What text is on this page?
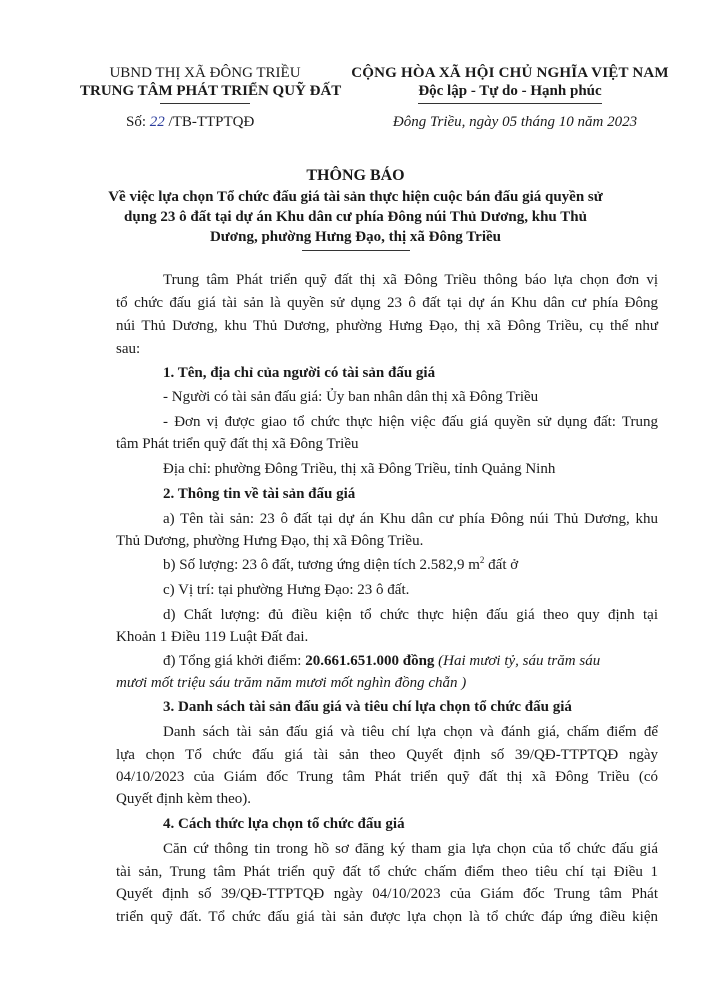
UBND THỊ XÃ ĐÔNG TRIỀU
TRUNG TÂM PHÁT TRIỂN QUỸ ĐẤT
Số: 22 /TB-TTPTQĐ
CỘNG HÒA XÃ HỘI CHỦ NGHĨA VIỆT NAM
Độc lập - Tự do - Hạnh phúc
Đông Triều, ngày 05 tháng 10 năm 2023
THÔNG BÁO
Về việc lựa chọn Tổ chức đấu giá tài sản thực hiện cuộc bán đấu giá quyền sử
dụng 23 ô đất tại dự án Khu dân cư phía Đông núi Thủ Dương, khu Thủ
Dương, phường Hưng Đạo, thị xã Đông Triều
Trung tâm Phát triển quỹ đất thị xã Đông Triều thông báo lựa chọn đơn vị
tổ chức đấu giá tài sản là quyền sử dụng 23 ô đất tại dự án Khu dân cư phía Đông
núi Thủ Dương, khu Thủ Dương, phường Hưng Đạo, thị xã Đông Triều, cụ thể như
sau:
1. Tên, địa chỉ của người có tài sản đấu giá
- Người có tài sản đấu giá: Ủy ban nhân dân thị xã Đông Triều
- Đơn vị được giao tổ chức thực hiện việc đấu giá quyền sử dụng đất: Trung
tâm Phát triển quỹ đất thị xã Đông Triều
Địa chỉ: phường Đông Triều, thị xã Đông Triều, tỉnh Quảng Ninh
2. Thông tin về tài sản đấu giá
a) Tên tài sản: 23 ô đất tại dự án Khu dân cư phía Đông núi Thủ Dương, khu
Thủ Dương, phường Hưng Đạo, thị xã Đông Triều.
b) Số lượng: 23 ô đất, tương ứng diện tích 2.582,9 $m^2$ đất ở
c) Vị trí: tại phường Hưng Đạo: 23 ô đất.
d) Chất lượng: đủ điều kiện tổ chức thực hiện đấu giá theo quy định tại
Khoản 1 Điều 119 Luật Đất đai.
đ) Tổng giá khởi điểm: 20.661.651.000 đồng (Hai mươi tỷ, sáu trăm sáu
mươi mốt triệu sáu trăm năm mươi mốt nghìn đồng chẵn )
3. Danh sách tài sản đấu giá và tiêu chí lựa chọn tổ chức đấu giá
Danh sách tài sản đấu giá và tiêu chí lựa chọn và đánh giá, chấm điểm để
lựa chọn Tổ chức đấu giá tài sản theo Quyết định số 39/QĐ-TTPTQĐ ngày
04/10/2023 của Giám đốc Trung tâm Phát triển quỹ đất thị xã Đông Triều (có
Quyết định kèm theo).
4. Cách thức lựa chọn tổ chức đấu giá
Căn cứ thông tin trong hồ sơ đăng ký tham gia lựa chọn của tổ chức đấu giá
tài sản, Trung tâm Phát triển quỹ đất tổ chức chấm điểm theo tiêu chí tại Điều 1
Quyết định số 39/QĐ-TTPTQĐ ngày 04/10/2023 của Giám đốc Trung tâm Phát
triển quỹ đất. Tổ chức đấu giá tài sản được lựa chọn là tổ chức đáp ứng điều kiện
